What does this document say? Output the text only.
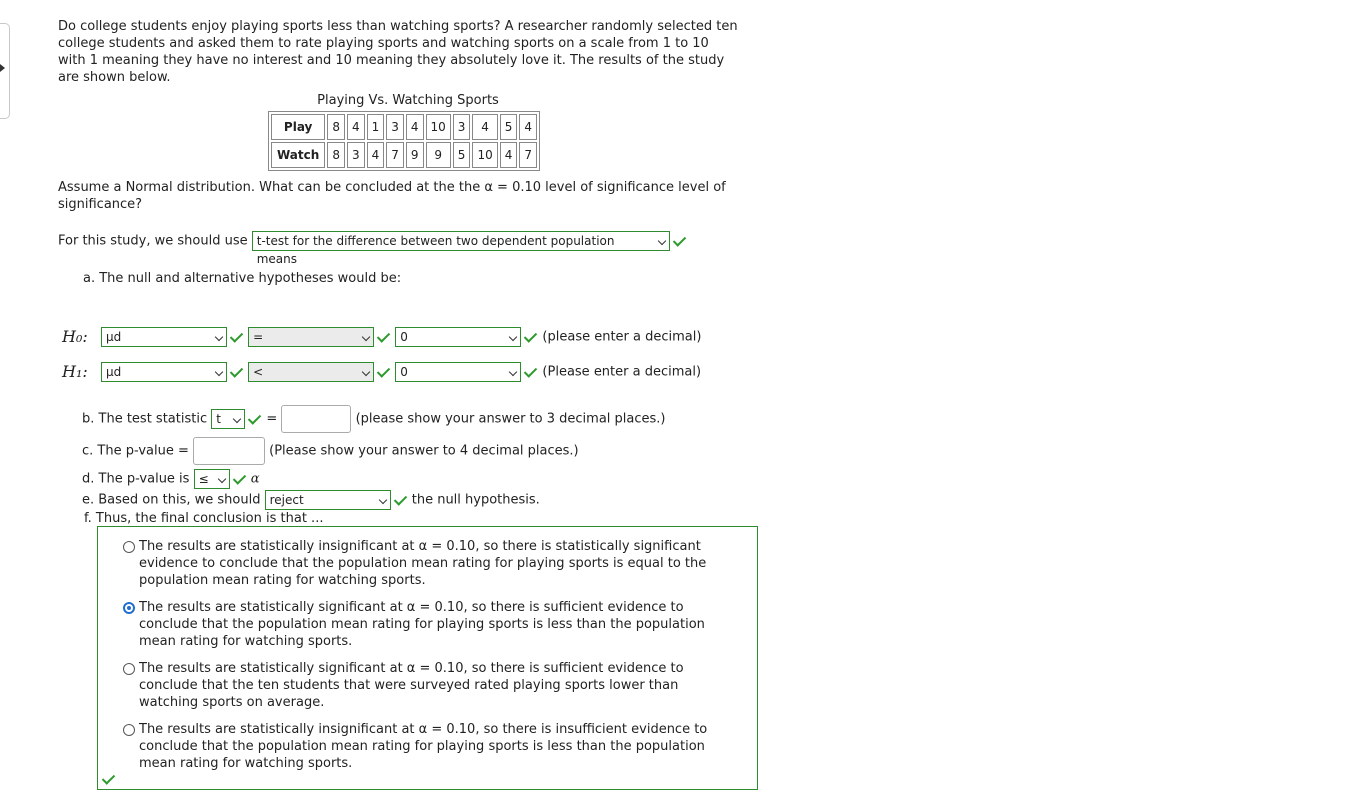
Do college students enjoy playing sports less than watching sports? A researcher randomly selected ten college students and asked them to rate playing sports and watching sports on a scale from 1 to 10 with 1 meaning they have no interest and 10 meaning they absolutely love it. The results of the study are shown below.
Playing Vs. Watching Sports
Play	8	4	1	3	4	10	3	4	5	4
Watch	8	3	4	7	9	9	5	10	4	7
Assume a Normal distribution. What can be concluded at the the α = 0.10 level of significance level of significance?
For this study, we should use t-test for the difference between two dependent population means
a. The null and alternative hypotheses would be:
H₀:	μd	=	0	(please enter a decimal)
H₁:	μd	<	0	(Please enter a decimal)
b. The test statistic t	=	(please show your answer to 3 decimal places.)
c. The p-value =	(Please show your answer to 4 decimal places.)
d. The p-value is ≤	α
e. Based on this, we should reject	the null hypothesis.
f. Thus, the final conclusion is that ...
The results are statistically insignificant at α = 0.10, so there is statistically significant evidence to conclude that the population mean rating for playing sports is equal to the population mean rating for watching sports.
The results are statistically significant at α = 0.10, so there is sufficient evidence to conclude that the population mean rating for playing sports is less than the population mean rating for watching sports.
The results are statistically significant at α = 0.10, so there is sufficient evidence to conclude that the ten students that were surveyed rated playing sports lower than watching sports on average.
The results are statistically insignificant at α = 0.10, so there is insufficient evidence to conclude that the population mean rating for playing sports is less than the population mean rating for watching sports.
